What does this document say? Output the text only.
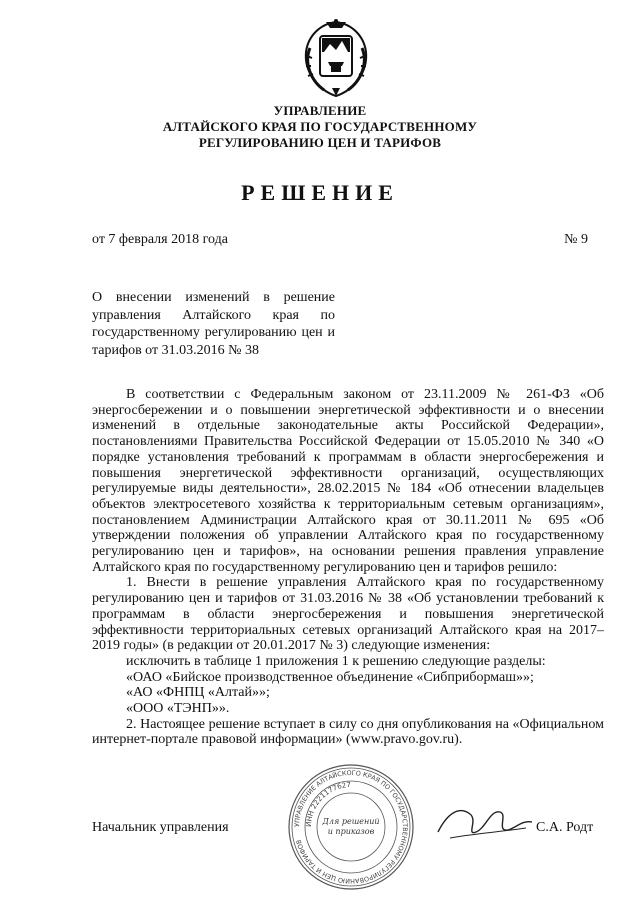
УПРАВЛЕНИЕ
АЛТАЙСКОГО КРАЯ ПО ГОСУДАРСТВЕННОМУ
РЕГУЛИРОВАНИЮ ЦЕН И ТАРИФОВ
РЕШЕНИЕ
от 7 февраля 2018 года	№ 9
О внесении изменений в решение управления Алтайского края по государственному регулированию цен и тарифов от 31.03.2016 № 38

В соответствии с Федеральным законом от 23.11.2009 № 261-ФЗ «Об энергосбережении и о повышении энергетической эффективности и о внесении изменений в отдельные законодательные акты Российской Федерации», постановлениями Правительства Российской Федерации от 15.05.2010 № 340 «О порядке установления требований к программам в области энергосбережения и повышения энергетической эффективности организаций, осуществляющих регулируемые виды деятельности», 28.02.2015 № 184 «Об отнесении владельцев объектов электросетевого хозяйства к территориальным сетевым организациям», постановлением Администрации Алтайского края от 30.11.2011 № 695 «Об утверждении положения об управлении Алтайского края по государственному регулированию цен и тарифов», на основании решения правления управление Алтайского края по государственному регулированию цен и тарифов решило:

1. Внести в решение управления Алтайского края по государственному регулированию цен и тарифов от 31.03.2016 № 38 «Об установлении требований к программам в области энергосбережения и повышения энергетической эффективности территориальных сетевых организаций Алтайского края на 2017–2019 годы» (в редакции от 20.01.2017 № 3) следующие изменения:

исключить в таблице 1 приложения 1 к решению следующие разделы:

«ОАО «Бийское производственное объединение «Сибприбормаш»»;

«АО «ФНПЦ «Алтай»»;

«ООО «ТЭНП»».

2. Настоящее решение вступает в силу со дня опубликования на «Официальном интернет-портале правовой информации» (www.pravo.gov.ru).

Начальник управления	УПРАВЛЕНИЕ АЛТАЙСКОГО КРАЯ ПО ГОСУДАРСТВЕННОМУ РЕГУЛИРОВАНИЮ ЦЕН И ТАРИФОВ
ИНН 2221177627
Для решений
и приказов	С.А. Родт
